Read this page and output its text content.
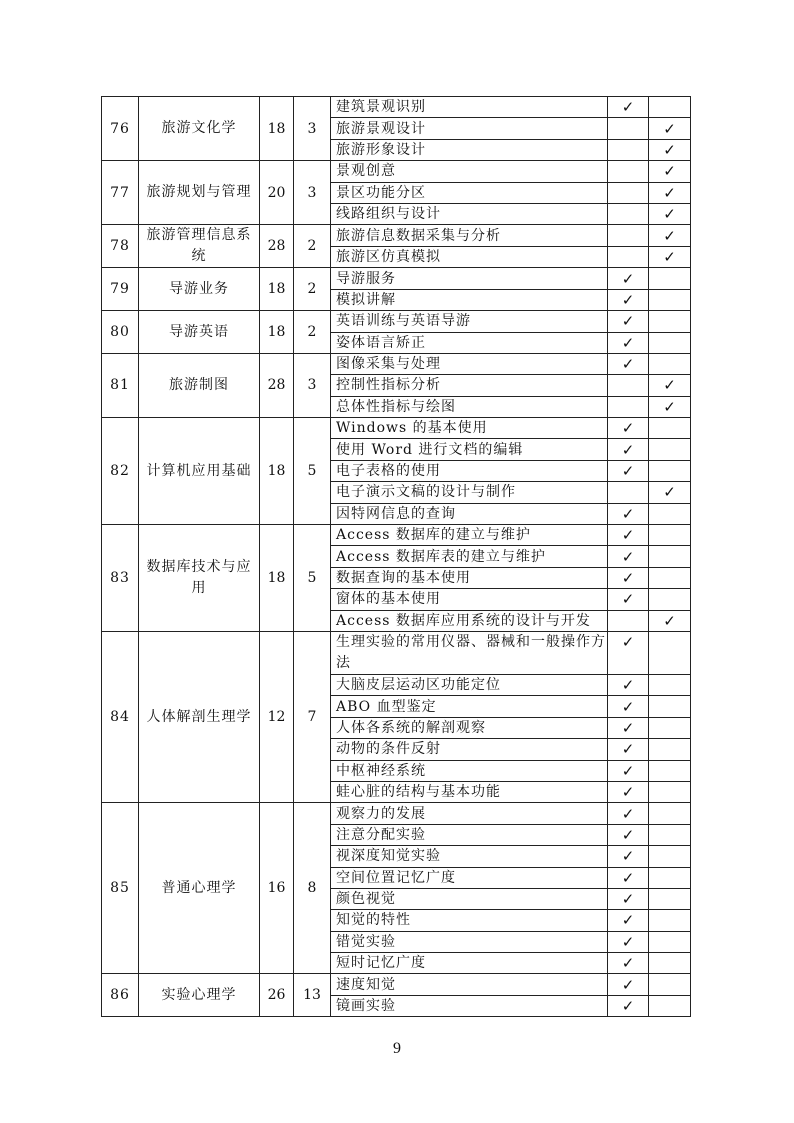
76	旅游文化学	18	3	建筑景观识别	✓	
				旅游景观设计		✓
				旅游形象设计		✓
77	旅游规划与管理	20	3	景观创意		✓
				景区功能分区		✓
				线路组织与设计		✓
78	旅游管理信息系统	28	2	旅游信息数据采集与分析		✓
				旅游区仿真模拟		✓
79	导游业务	18	2	导游服务	✓	
				模拟讲解	✓	
80	导游英语	18	2	英语训练与英语导游	✓	
				姿体语言矫正	✓	
81	旅游制图	28	3	图像采集与处理	✓	
				控制性指标分析		✓
				总体性指标与绘图		✓
82	计算机应用基础	18	5	Windows 的基本使用	✓	
				使用 Word 进行文档的编辑	✓	
				电子表格的使用	✓	
				电子演示文稿的设计与制作		✓
				因特网信息的查询	✓	
83	数据库技术与应用	18	5	Access 数据库的建立与维护	✓	
				Access 数据库表的建立与维护	✓	
				数据查询的基本使用	✓	
				窗体的基本使用	✓	
				Access 数据库应用系统的设计与开发		✓
84	人体解剖生理学	12	7	生理实验的常用仪器、器械和一般操作方法	✓	
				大脑皮层运动区功能定位	✓	
				ABO 血型鉴定	✓	
				人体各系统的解剖观察	✓	
				动物的条件反射	✓	
				中枢神经系统	✓	
				蛙心脏的结构与基本功能	✓	
85	普通心理学	16	8	观察力的发展	✓	
				注意分配实验	✓	
				视深度知觉实验	✓	
				空间位置记忆广度	✓	
				颜色视觉	✓	
				知觉的特性	✓	
				错觉实验	✓	
				短时记忆广度	✓	
86	实验心理学	26	13	速度知觉	✓	
				镜画实验	✓	
9
